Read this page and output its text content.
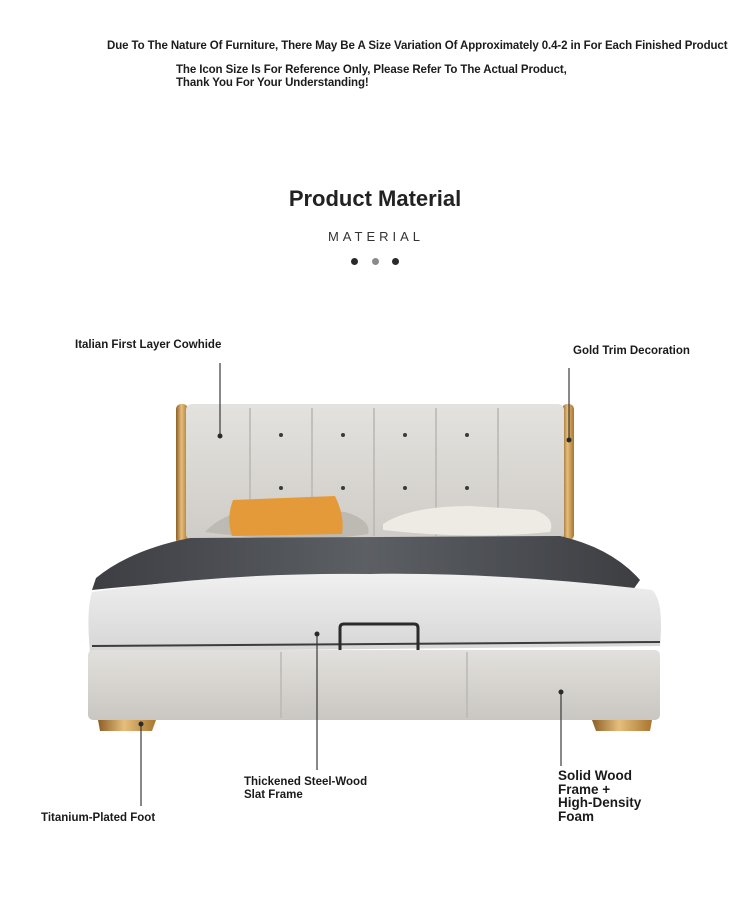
Due To The Nature Of Furniture, There May Be A Size Variation Of Approximately 0.4-2 in For Each Finished Product
The Icon Size Is For Reference Only, Please Refer To The Actual Product,
Thank You For Your Understanding!
Product Material
MATERIAL
Italian First Layer Cowhide	Gold Trim Decoration
Titanium-Plated Foot
Thickened Steel-Wood
Slat Frame
Solid Wood
Frame +
High-Density
Foam
